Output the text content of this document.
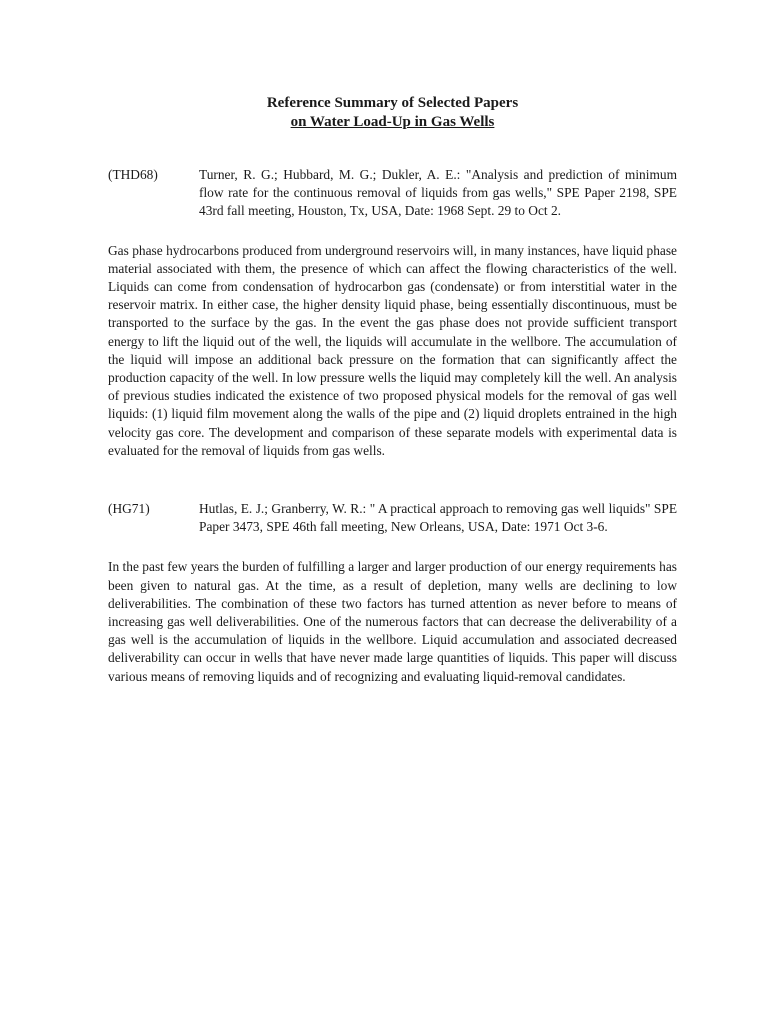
Reference Summary of Selected Papers
on Water Load-Up in Gas Wells
(THD68)	Turner, R. G.; Hubbard, M. G.; Dukler, A. E.: "Analysis and prediction of minimum flow rate for the continuous removal of liquids from gas wells," SPE Paper 2198, SPE 43rd fall meeting, Houston, Tx, USA, Date: 1968 Sept. 29 to Oct 2.

Gas phase hydrocarbons produced from underground reservoirs will, in many instances, have liquid phase material associated with them, the presence of which can affect the flowing characteristics of the well. Liquids can come from condensation of hydrocarbon gas (condensate) or from interstitial water in the reservoir matrix. In either case, the higher density liquid phase, being essentially discontinuous, must be transported to the surface by the gas. In the event the gas phase does not provide sufficient transport energy to lift the liquid out of the well, the liquids will accumulate in the wellbore. The accumulation of the liquid will impose an additional back pressure on the formation that can significantly affect the production capacity of the well. In low pressure wells the liquid may completely kill the well. An analysis of previous studies indicated the existence of two proposed physical models for the removal of gas well liquids: (1) liquid film movement along the walls of the pipe and (2) liquid droplets entrained in the high velocity gas core. The development and comparison of these separate models with experimental data is evaluated for the removal of liquids from gas wells.

(HG71)	Hutlas, E. J.; Granberry, W. R.: " A practical approach to removing gas well liquids" SPE Paper 3473, SPE 46th fall meeting, New Orleans, USA, Date: 1971 Oct 3-6.

In the past few years the burden of fulfilling a larger and larger production of our energy requirements has been given to natural gas. At the time, as a result of depletion, many wells are declining to low deliverabilities. The combination of these two factors has turned attention as never before to means of increasing gas well deliverabilities. One of the numerous factors that can decrease the deliverability of a gas well is the accumulation of liquids in the wellbore. Liquid accumulation and associated decreased deliverability can occur in wells that have never made large quantities of liquids. This paper will discuss various means of removing liquids and of recognizing and evaluating liquid-removal candidates.
